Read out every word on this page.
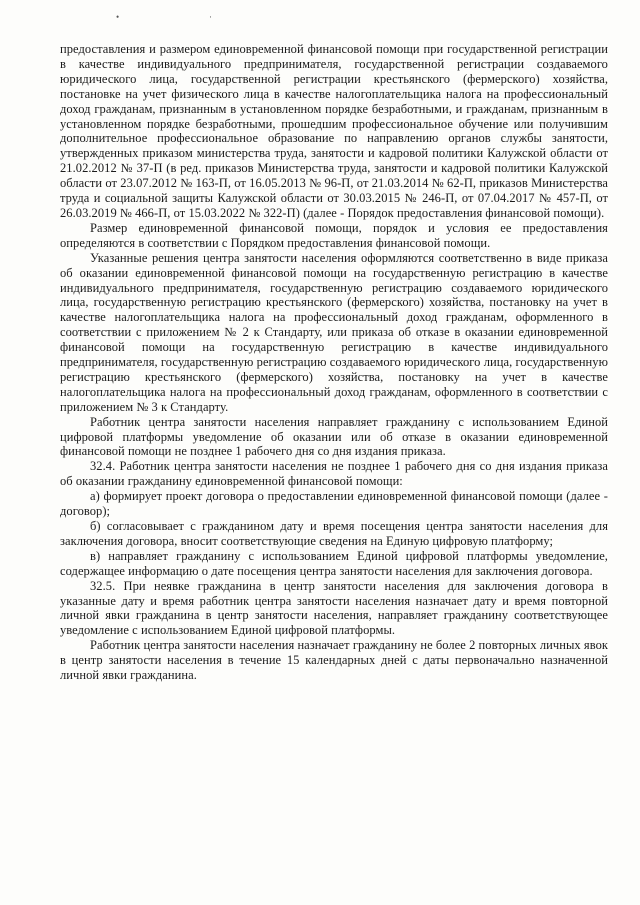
•	·

предоставления и размером единовременной финансовой помощи при государственной регистрации в качестве индивидуального предпринимателя, государственной регистрации создаваемого юридического лица, государственной регистрации крестьянского (фермерского) хозяйства, постановке на учет физического лица в качестве налогоплательщика налога на профессиональный доход гражданам, признанным в установленном порядке безработными, и гражданам, признанным в установленном порядке безработными, прошедшим профессиональное обучение или получившим дополнительное профессиональное образование по направлению органов службы занятости, утвержденных приказом министерства труда, занятости и кадровой политики Калужской области от 21.02.2012 № 37-П (в ред. приказов Министерства труда, занятости и кадровой политики Калужской области от 23.07.2012 № 163-П, от 16.05.2013 № 96-П, от 21.03.2014 № 62-П, приказов Министерства труда и социальной защиты Калужской области от 30.03.2015 № 246-П, от 07.04.2017 № 457-П, от 26.03.2019 № 466-П, от 15.03.2022 № 322-П) (далее - Порядок предоставления финансовой помощи).

Размер единовременной финансовой помощи, порядок и условия ее предоставления определяются в соответствии с Порядком предоставления финансовой помощи.

Указанные решения центра занятости населения оформляются соответственно в виде приказа об оказании единовременной финансовой помощи на государственную регистрацию в качестве индивидуального предпринимателя, государственную регистрацию создаваемого юридического лица, государственную регистрацию крестьянского (фермерского) хозяйства, постановку на учет в качестве налогоплательщика налога на профессиональный доход гражданам, оформленного в соответствии с приложением № 2 к Стандарту, или приказа об отказе в оказании единовременной финансовой помощи на государственную регистрацию в качестве индивидуального предпринимателя, государственную регистрацию создаваемого юридического лица, государственную регистрацию крестьянского (фермерского) хозяйства, постановку на учет в качестве налогоплательщика налога на профессиональный доход гражданам, оформленного в соответствии с приложением № 3 к Стандарту.

Работник центра занятости населения направляет гражданину с использованием Единой цифровой платформы уведомление об оказании или об отказе в оказании единовременной финансовой помощи не позднее 1 рабочего дня со дня издания приказа.

32.4. Работник центра занятости населения не позднее 1 рабочего дня со дня издания приказа об оказании гражданину единовременной финансовой помощи:

а) формирует проект договора о предоставлении единовременной финансовой помощи (далее - договор);

б) согласовывает с гражданином дату и время посещения центра занятости населения для заключения договора, вносит соответствующие сведения на Единую цифровую платформу;

в) направляет гражданину с использованием Единой цифровой платформы уведомление, содержащее информацию о дате посещения центра занятости населения для заключения договора.

32.5. При неявке гражданина в центр занятости населения для заключения договора в указанные дату и время работник центра занятости населения назначает дату и время повторной личной явки гражданина в центр занятости населения, направляет гражданину соответствующее уведомление с использованием Единой цифровой платформы.

Работник центра занятости населения назначает гражданину не более 2 повторных личных явок в центр занятости населения в течение 15 календарных дней с даты первоначально назначенной личной явки гражданина.
